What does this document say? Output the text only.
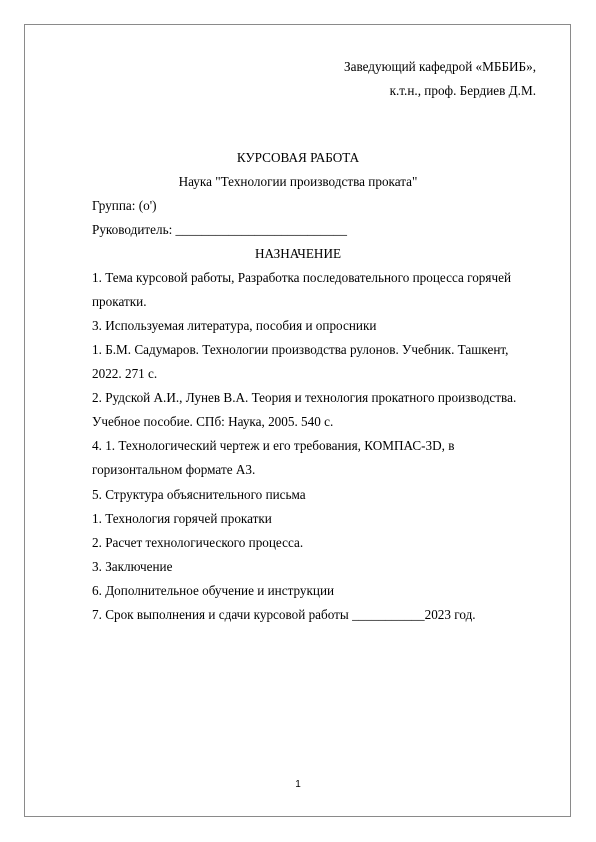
Заведующий кафедрой «МББИБ»,
к.т.н., проф. Бердиев Д.М.
КУРСОВАЯ РАБОТА
Наука "Технологии производства проката"
Группа: (о')
Руководитель: __________________________
НАЗНАЧЕНИЕ
1. Тема курсовой работы, Разработка последовательного процесса горячей
прокатки.
3. Используемая литература, пособия и опросники
1. Б.М. Садумаров. Технологии производства рулонов. Учебник. Ташкент,
2022. 271 с.
2. Рудской А.И., Лунев В.А. Теория и технология прокатного производства.
Учебное пособие. СПб: Наука, 2005. 540 с.
4. 1. Технологический чертеж и его требования, КОМПАС-3D, в
горизонтальном формате А3.
5. Структура объяснительного письма
1. Технология горячей прокатки
2. Расчет технологического процесса.
3. Заключение
6. Дополнительное обучение и инструкции
7. Срок выполнения и сдачи курсовой работы ___________2023 год.
1
